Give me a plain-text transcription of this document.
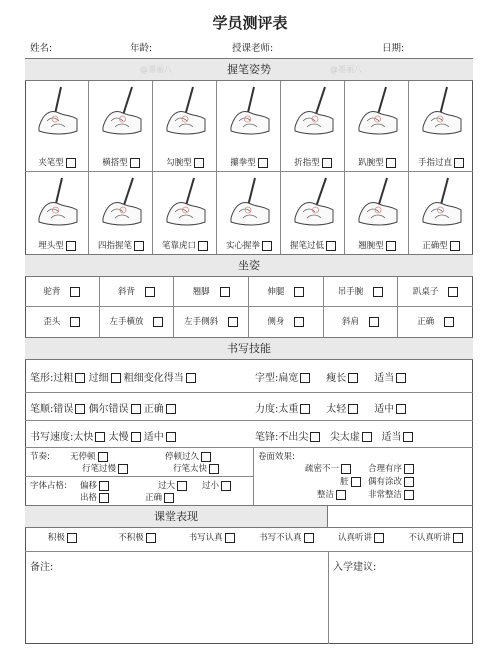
学员测评表
姓名:	年龄:	授课老师:	日期:
握笔姿势
@墨丽八	@墨丽八
夹笔型	横搭型	勾腕型	攥拳型	折指型	趴腕型	手指过直
埋头型	四指握笔	笔靠虎口	实心握拳	握笔过低	翘腕型	正确型
坐姿
驼背	斜背	翘脚	伸腿	吊手腕	趴桌子
歪头	左手横放	左手侧斜	侧身	斜肩	正确
书写技能
笔形:过粗 过细 粗细变化得当	字型:扁宽	瘦长	适当
笔顺:错误 偶尔错误 正确	力度:太重	太轻	适中
书写速度:太快 太慢 适中	笔锋:不出尖 尖太虚 适当
节奏: 无停顿	停顿过久
行笔过慢	行笔太快
字体占格: 偏移	过大	过小
出格	正确
卷面效果:
疏密不一	合理有序
脏	偶有涂改
整洁	非常整洁
课堂表现
积极	不积极	书写认真	书写不认真	认真听讲	不认真听讲
备注:	入学建议:
